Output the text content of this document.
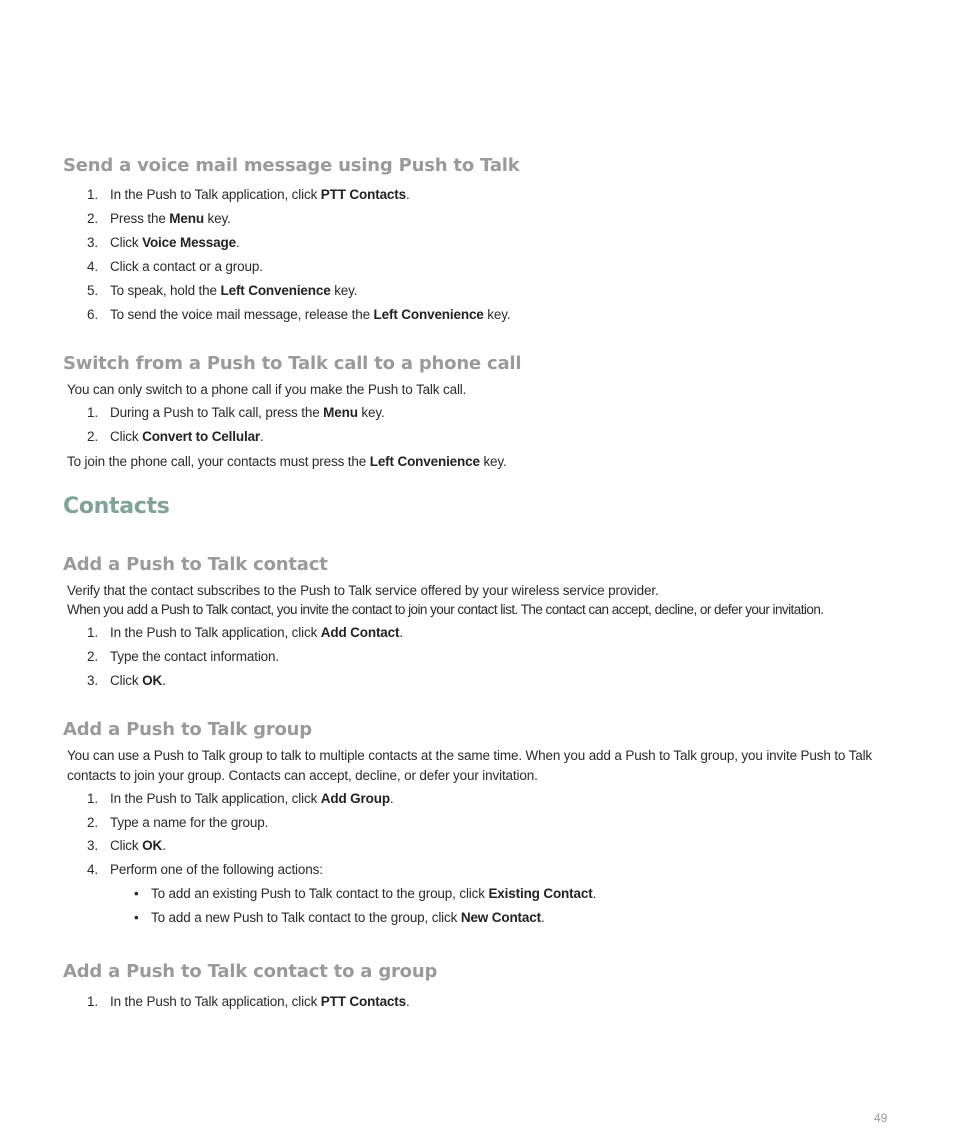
Send a voice mail message using Push to Talk
1. In the Push to Talk application, click PTT Contacts.
2. Press the Menu key.
3. Click Voice Message.
4. Click a contact or a group.
5. To speak, hold the Left Convenience key.
6. To send the voice mail message, release the Left Convenience key.
Switch from a Push to Talk call to a phone call

You can only switch to a phone call if you make the Push to Talk call.

1. During a Push to Talk call, press the Menu key.
2. Click Convert to Cellular.

To join the phone call, your contacts must press the Left Convenience key.

Contacts
Add a Push to Talk contact

Verify that the contact subscribes to the Push to Talk service offered by your wireless service provider.

When you add a Push to Talk contact, you invite the contact to join your contact list. The contact can accept, decline, or defer your invitation.

1. In the Push to Talk application, click Add Contact.
2. Type the contact information.
3. Click OK.
Add a Push to Talk group

You can use a Push to Talk group to talk to multiple contacts at the same time. When you add a Push to Talk group, you invite Push to Talk contacts to join your group. Contacts can accept, decline, or defer your invitation.

1. In the Push to Talk application, click Add Group.
2. Type a name for the group.
3. Click OK.
4. Perform one of the following actions:
• To add an existing Push to Talk contact to the group, click Existing Contact.
• To add a new Push to Talk contact to the group, click New Contact.
Add a Push to Talk contact to a group
1. In the Push to Talk application, click PTT Contacts.
49
